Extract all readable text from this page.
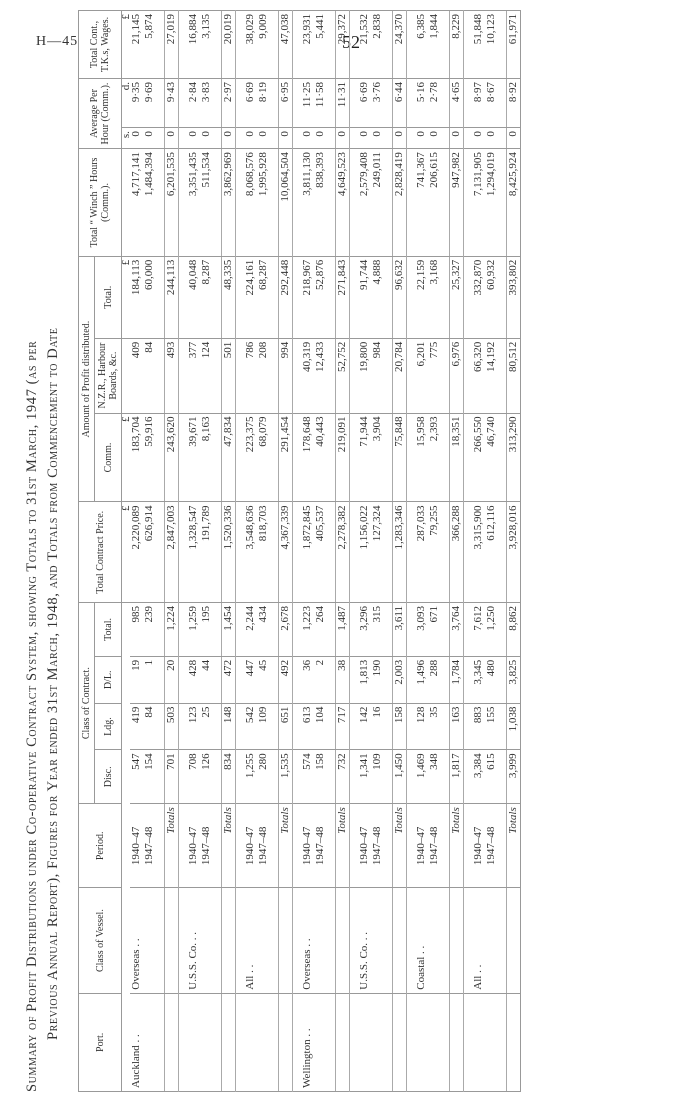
H—45	52
Summary of Profit Distributions under Co-operative Contract System, showing Totals to 31st March, 1947 (as per Previous Annual Report), Figures for Year ended 31st March, 1948, and Totals from Commencement to Date
Port.	Class of Vessel.	Period.	Class of Contract.				Total Contract Price.	Amount of Profit distributed.			Total “ Winch ” Hours (Comm.).	Average Per Hour (Comm.).		Total Cont., T.K.s, Wages.
			Disc.	Ldg.	D/L.	Total.		Comm.	N.Z.R., Harbour Boards, &c.	Total.				
							£	£		£		s.	d.	£
Auckland . .	Overseas . .	1940–47	547	419	19	985	2,220,089	183,704	409	184,113	4,717,141	0	9·35	21,145
		1947–48	154	84	1	239	626,914	59,916	84	60,000	1,484,394	0	9·69	5,874

		Totals	701	503	20	1,224	2,847,003	243,620	493	244,113	6,201,535	0	9·43	27,019

	U.S.S. Co. . .	1940–47	708	123	428	1,259	1,328,547	39,671	377	40,048	3,351,435	0	2·84	16,884
		1947–48	126	25	44	195	191,789	8,163	124	8,287	511,534	0	3·83	3,135

		Totals	834	148	472	1,454	1,520,336	47,834	501	48,335	3,862,969	0	2·97	20,019

	All . .	1940–47	1,255	542	447	2,244	3,548,636	223,375	786	224,161	8,068,576	0	6·69	38,029
		1947–48	280	109	45	434	818,703	68,079	208	68,287	1,995,928	0	8·19	9,009

		Totals	1,535	651	492	2,678	4,367,339	291,454	994	292,448	10,064,504	0	6·95	47,038

Wellington . .	Overseas . .	1940–47	574	613	36	1,223	1,872,845	178,648	40,319	218,967	3,811,130	0	11·25	23,931
		1947–48	158	104	2	264	405,537	40,443	12,433	52,876	838,393	0	11·58	5,441

		Totals	732	717	38	1,487	2,278,382	219,091	52,752	271,843	4,649,523	0	11·31	29,372

	U.S.S. Co. . .	1940–47	1,341	142	1,813	3,296	1,156,022	71,944	19,800	91,744	2,579,408	0	6·69	21,532
		1947–48	109	16	190	315	127,324	3,904	984	4,888	249,011	0	3·76	2,838

		Totals	1,450	158	2,003	3,611	1,283,346	75,848	20,784	96,632	2,828,419	0	6·44	24,370

	Coastal . .	1940–47	1,469	128	1,496	3,093	287,033	15,958	6,201	22,159	741,367	0	5·16	6,385
		1947–48	348	35	288	671	79,255	2,393	775	3,168	206,615	0	2·78	1,844

		Totals	1,817	163	1,784	3,764	366,288	18,351	6,976	25,327	947,982	0	4·65	8,229

	All . .	1940–47	3,384	883	3,345	7,612	3,315,900	266,550	66,320	332,870	7,131,905	0	8·97	51,848
		1947–48	615	155	480	1,250	612,116	46,740	14,192	60,932	1,294,019	0	8·67	10,123

		Totals	3,999	1,038	3,825	8,862	3,928,016	313,290	80,512	393,802	8,425,924	0	8·92	61,971
